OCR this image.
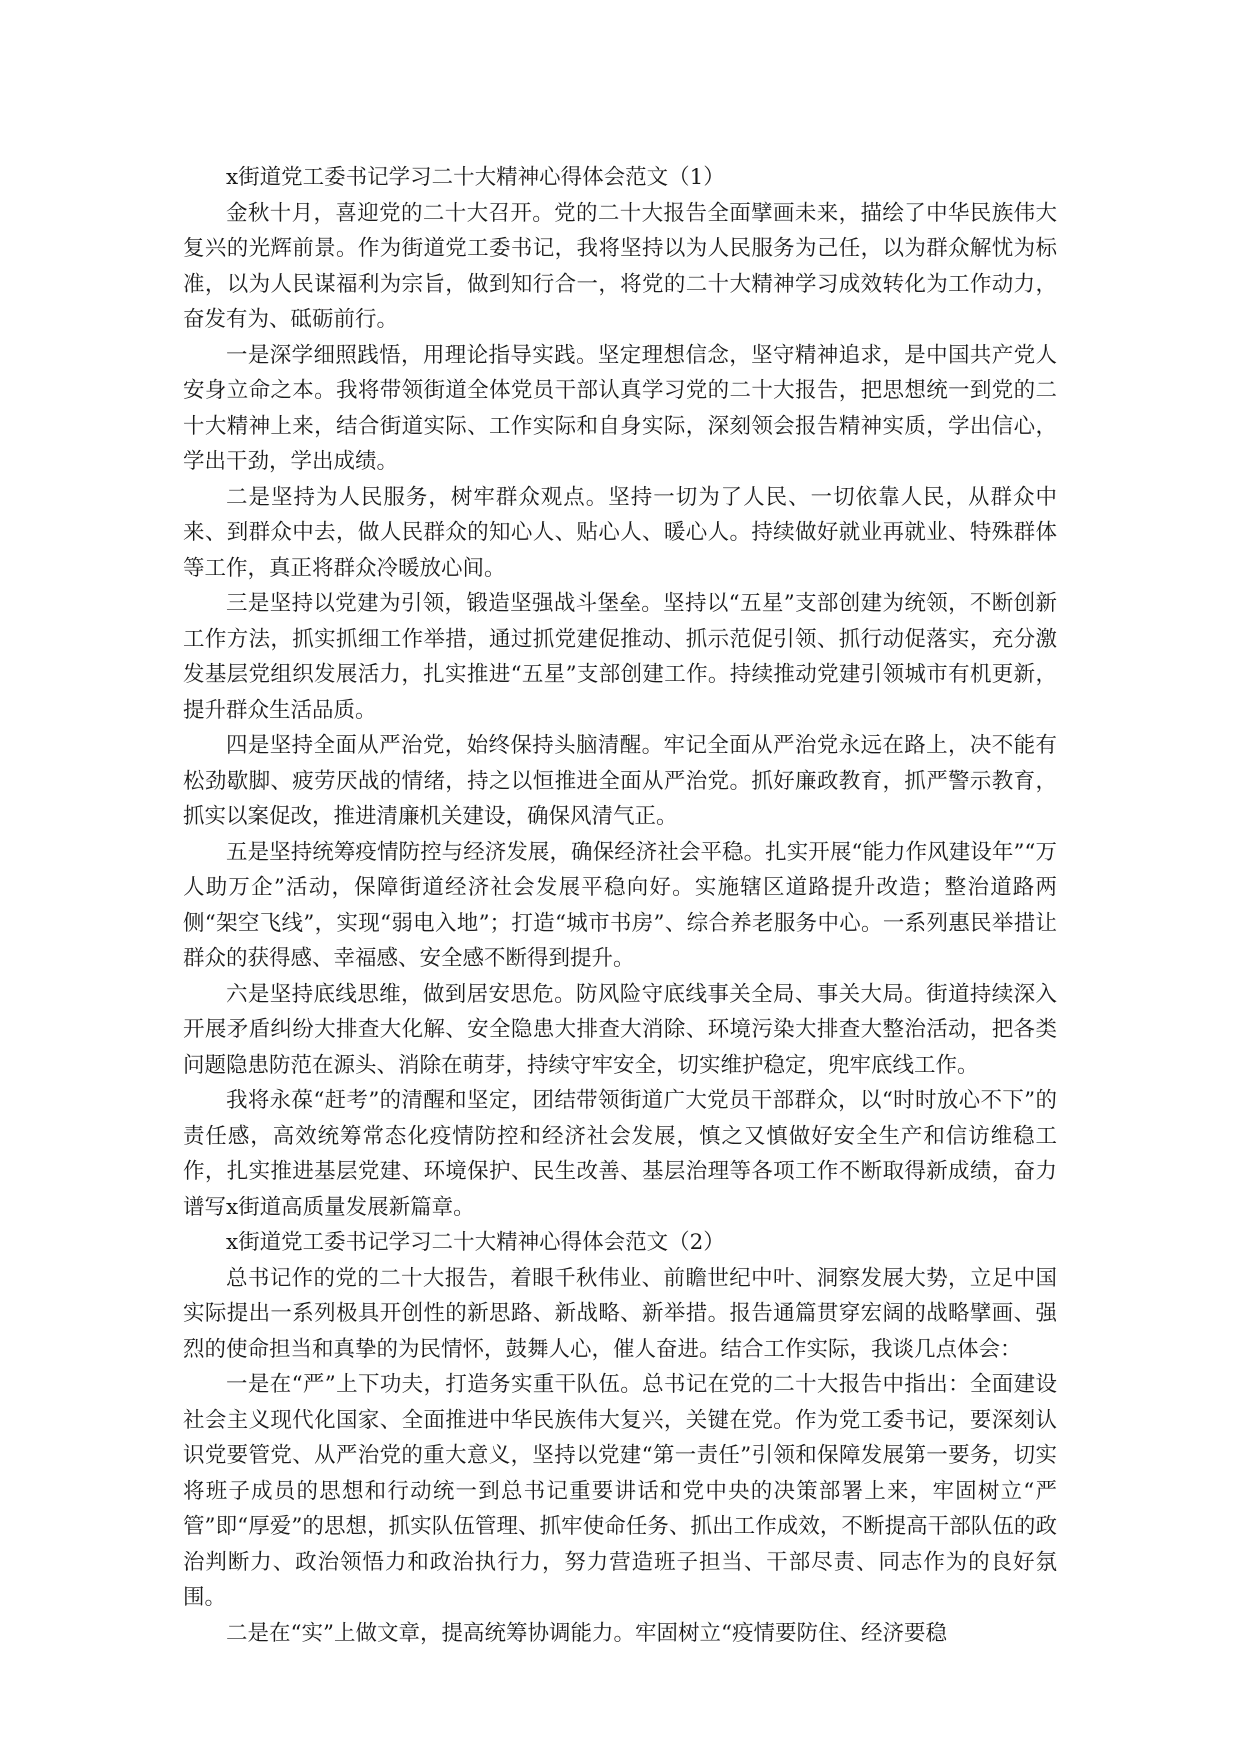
x街道党工委书记学习二十大精神心得体会范文（1）

金秋十月，喜迎党的二十大召开。党的二十大报告全面擘画未来，描绘了中华民族伟大复兴的光辉前景。作为街道党工委书记，我将坚持以为人民服务为己任，以为群众解忧为标准，以为人民谋福利为宗旨，做到知行合一，将党的二十大精神学习成效转化为工作动力，奋发有为、砥砺前行。

一是深学细照践悟，用理论指导实践。坚定理想信念，坚守精神追求，是中国共产党人安身立命之本。我将带领街道全体党员干部认真学习党的二十大报告，把思想统一到党的二十大精神上来，结合街道实际、工作实际和自身实际，深刻领会报告精神实质，学出信心，学出干劲，学出成绩。

二是坚持为人民服务，树牢群众观点。坚持一切为了人民、一切依靠人民，从群众中来、到群众中去，做人民群众的知心人、贴心人、暖心人。持续做好就业再就业、特殊群体等工作，真正将群众冷暖放心间。

三是坚持以党建为引领，锻造坚强战斗堡垒。坚持以“五星”支部创建为统领，不断创新工作方法，抓实抓细工作举措，通过抓党建促推动、抓示范促引领、抓行动促落实，充分激发基层党组织发展活力，扎实推进“五星”支部创建工作。持续推动党建引领城市有机更新，提升群众生活品质。

四是坚持全面从严治党，始终保持头脑清醒。牢记全面从严治党永远在路上，决不能有松劲歇脚、疲劳厌战的情绪，持之以恒推进全面从严治党。抓好廉政教育，抓严警示教育，抓实以案促改，推进清廉机关建设，确保风清气正。

五是坚持统筹疫情防控与经济发展，确保经济社会平稳。扎实开展“能力作风建设年”“万人助万企”活动，保障街道经济社会发展平稳向好。实施辖区道路提升改造；整治道路两侧“架空飞线”，实现“弱电入地”；打造“城市书房”、综合养老服务中心。一系列惠民举措让群众的获得感、幸福感、安全感不断得到提升。

六是坚持底线思维，做到居安思危。防风险守底线事关全局、事关大局。街道持续深入开展矛盾纠纷大排查大化解、安全隐患大排查大消除、环境污染大排查大整治活动，把各类问题隐患防范在源头、消除在萌芽，持续守牢安全，切实维护稳定，兜牢底线工作。

我将永葆“赶考”的清醒和坚定，团结带领街道广大党员干部群众，以“时时放心不下”的责任感，高效统筹常态化疫情防控和经济社会发展，慎之又慎做好安全生产和信访维稳工作，扎实推进基层党建、环境保护、民生改善、基层治理等各项工作不断取得新成绩，奋力谱写x街道高质量发展新篇章。

x街道党工委书记学习二十大精神心得体会范文（2）

总书记作的党的二十大报告，着眼千秋伟业、前瞻世纪中叶、洞察发展大势，立足中国实际提出一系列极具开创性的新思路、新战略、新举措。报告通篇贯穿宏阔的战略擘画、强烈的使命担当和真挚的为民情怀，鼓舞人心，催人奋进。结合工作实际，我谈几点体会：

一是在“严”上下功夫，打造务实重干队伍。总书记在党的二十大报告中指出：全面建设社会主义现代化国家、全面推进中华民族伟大复兴，关键在党。作为党工委书记，要深刻认识党要管党、从严治党的重大意义，坚持以党建“第一责任”引领和保障发展第一要务，切实将班子成员的思想和行动统一到总书记重要讲话和党中央的决策部署上来，牢固树立“严管”即“厚爱”的思想，抓实队伍管理、抓牢使命任务、抓出工作成效，不断提高干部队伍的政治判断力、政治领悟力和政治执行力，努力营造班子担当、干部尽责、同志作为的良好氛围。

二是在“实”上做文章，提高统筹协调能力。牢固树立“疫情要防住、经济要稳
